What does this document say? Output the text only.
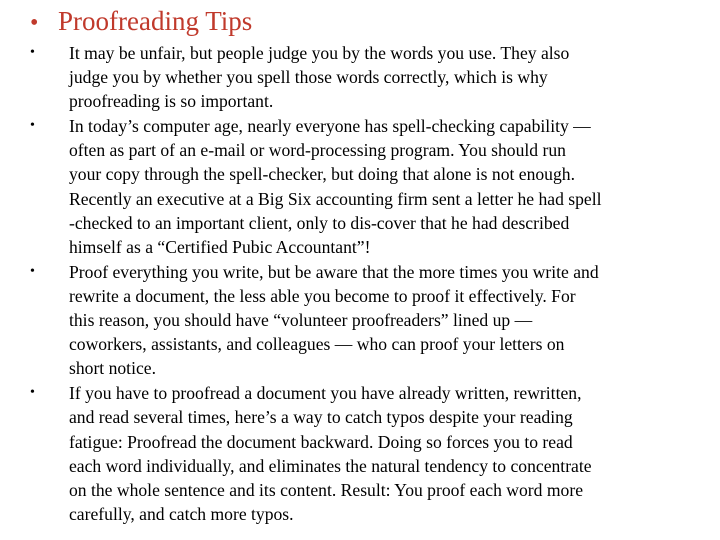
• Proofreading Tips
•	It may be unfair, but people judge you by the words you use. They also
judge you by whether you spell those words correctly, which is why
proofreading is so important.
•	In today’s computer age, nearly everyone has spell-checking capability —
often as part of an e-mail or word-processing program. You should run
your copy through the spell-checker, but doing that alone is not enough.
Recently an executive at a Big Six accounting firm sent a letter he had spell
-checked to an important client, only to dis-cover that he had described
himself as a “Certified Pubic Accountant”!
•	Proof everything you write, but be aware that the more times you write and
rewrite a document, the less able you become to proof it effectively. For
this reason, you should have “volunteer proofreaders” lined up —
coworkers, assistants, and colleagues — who can proof your letters on
short notice.
•	If you have to proofread a document you have already written, rewritten,
and read several times, here’s a way to catch typos despite your reading
fatigue: Proofread the document backward. Doing so forces you to read
each word individually, and eliminates the natural tendency to concentrate
on the whole sentence and its content. Result: You proof each word more
carefully, and catch more typos.
